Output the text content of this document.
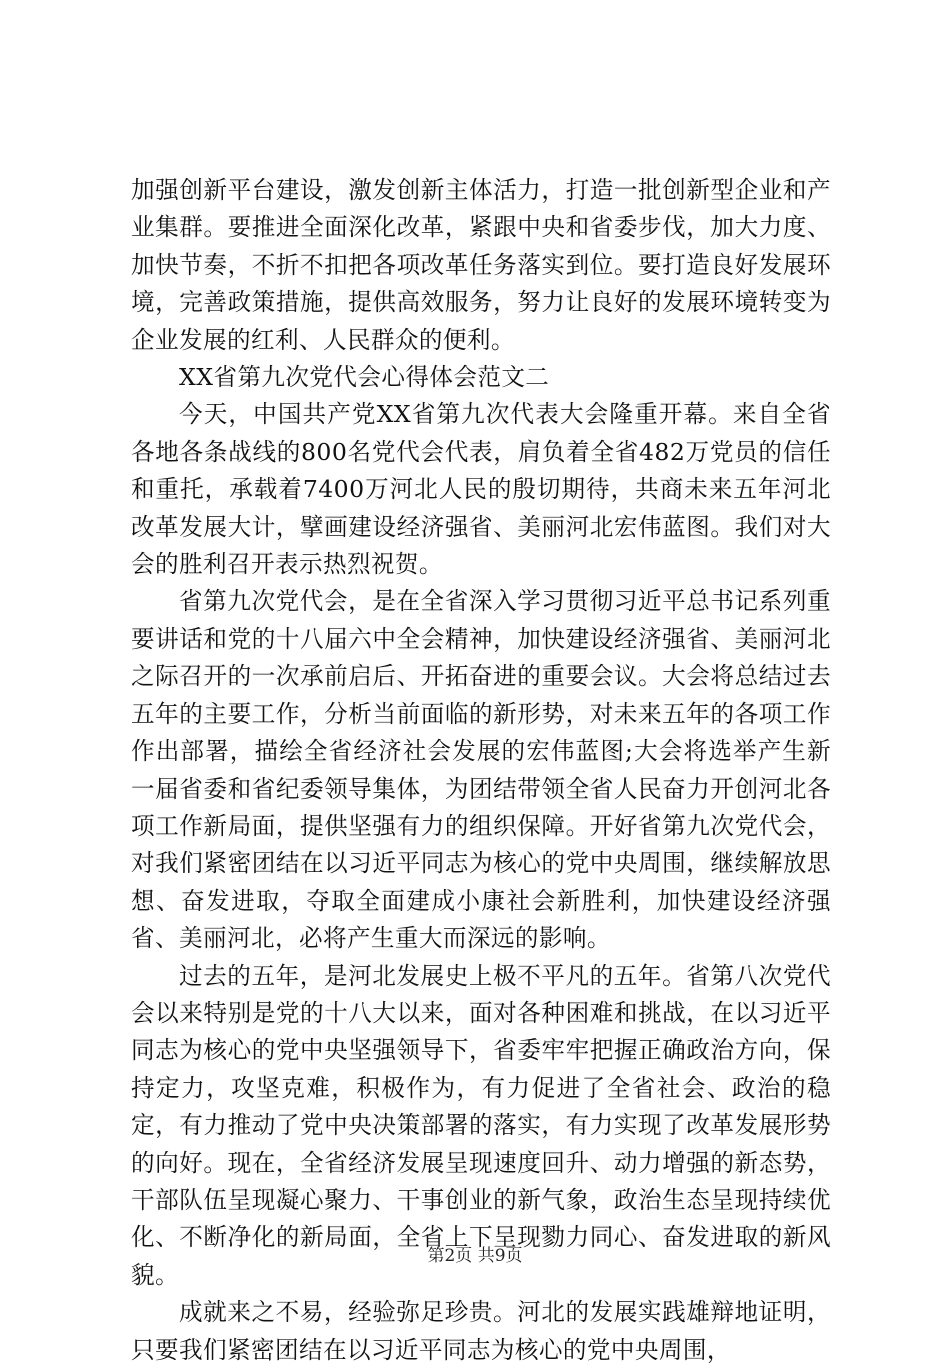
加强创新平台建设，激发创新主体活力，打造一批创新型企业和产业集群。要推进全面深化改革，紧跟中央和省委步伐，加大力度、加快节奏，不折不扣把各项改革任务落实到位。要打造良好发展环境，完善政策措施，提供高效服务，努力让良好的发展环境转变为企业发展的红利、人民群众的便利。

XX省第九次党代会心得体会范文二

今天，中国共产党XX省第九次代表大会隆重开幕。来自全省各地各条战线的800名党代会代表，肩负着全省482万党员的信任和重托，承载着7400万河北人民的殷切期待，共商未来五年河北改革发展大计，擘画建设经济强省、美丽河北宏伟蓝图。我们对大会的胜利召开表示热烈祝贺。

省第九次党代会，是在全省深入学习贯彻习近平总书记系列重要讲话和党的十八届六中全会精神，加快建设经济强省、美丽河北之际召开的一次承前启后、开拓奋进的重要会议。大会将总结过去五年的主要工作，分析当前面临的新形势，对未来五年的各项工作作出部署，描绘全省经济社会发展的宏伟蓝图;大会将选举产生新一届省委和省纪委领导集体，为团结带领全省人民奋力开创河北各项工作新局面，提供坚强有力的组织保障。开好省第九次党代会，对我们紧密团结在以习近平同志为核心的党中央周围，继续解放思想、奋发进取，夺取全面建成小康社会新胜利，加快建设经济强省、美丽河北，必将产生重大而深远的影响。

过去的五年，是河北发展史上极不平凡的五年。省第八次党代会以来特别是党的十八大以来，面对各种困难和挑战，在以习近平同志为核心的党中央坚强领导下，省委牢牢把握正确政治方向，保持定力，攻坚克难，积极作为，有力促进了全省社会、政治的稳定，有力推动了党中央决策部署的落实，有力实现了改革发展形势的向好。现在，全省经济发展呈现速度回升、动力增强的新态势，干部队伍呈现凝心聚力、干事创业的新气象，政治生态呈现持续优化、不断净化的新局面，全省上下呈现勠力同心、奋发进取的新风貌。

成就来之不易，经验弥足珍贵。河北的发展实践雄辩地证明，只要我们紧密团结在以习近平同志为核心的党中央周围，

第2页 共9页
